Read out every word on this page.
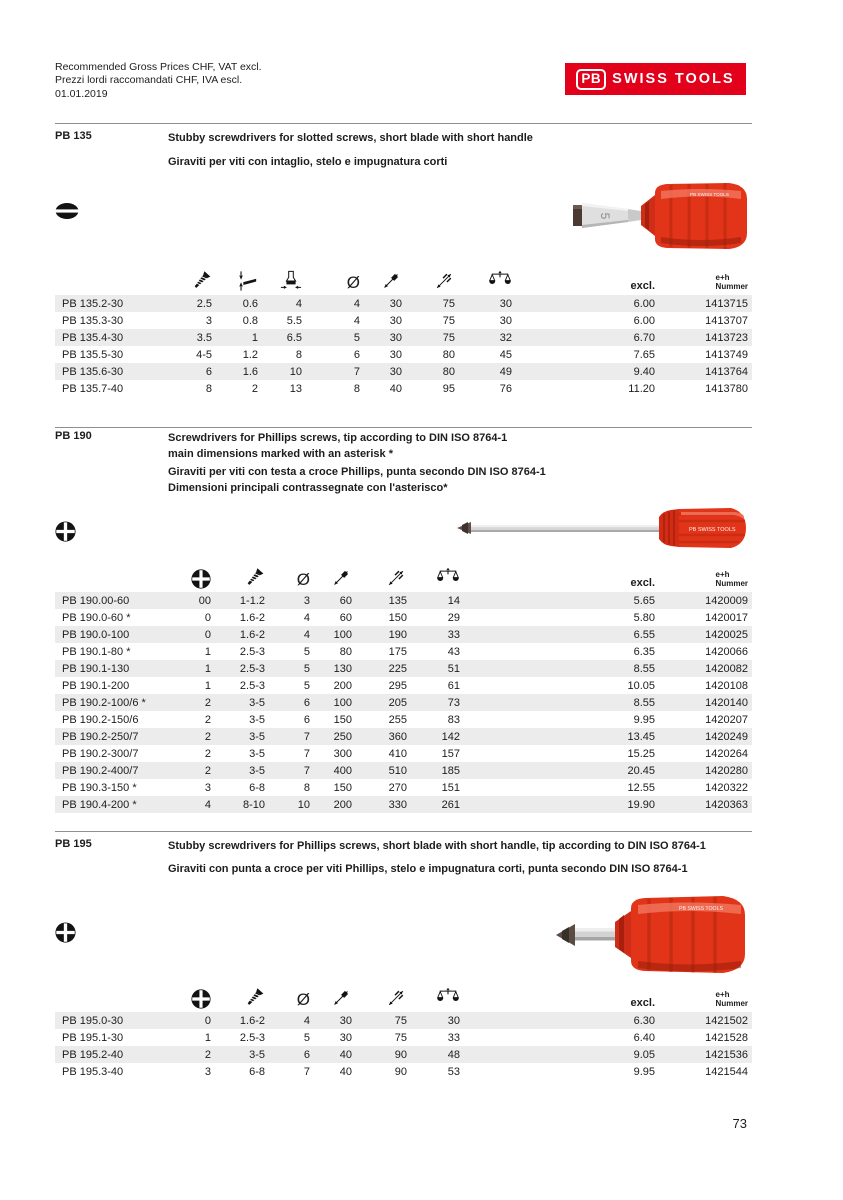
Recommended Gross Prices CHF, VAT excl.
Prezzi lordi raccomandati CHF, IVA escl.
01.01.2019
PB SWISS TOOLS
PB 135	Stubby screwdrivers for slotted screws, short blade with short handle
Giraviti per viti con intaglio, stelo e impugnatura corti
5
PB SWISS TOOLS
Ø	excl.
e+h
Nummer
PB 135.2-30	2.5	0.6	4	4	30	75	30	6.00	1413715
PB 135.3-30	3	0.8	5.5	4	30	75	30	6.00	1413707
PB 135.4-30	3.5	1	6.5	5	30	75	32	6.70	1413723
PB 135.5-30	4-5	1.2	8	6	30	80	45	7.65	1413749
PB 135.6-30	6	1.6	10	7	30	80	49	9.40	1413764
PB 135.7-40	8	2	13	8	40	95	76	11.20	1413780
PB 190	Screwdrivers for Phillips screws, tip according to DIN ISO 8764-1
main dimensions marked with an asterisk *
Giraviti per viti con testa a croce Phillips, punta secondo DIN ISO 8764-1
Dimensioni principali contrassegnate con l'asterisco*
PB SWISS TOOLS
Ø	excl.
e+h
Nummer
PB 190.00-60	00	1-1.2	3	60	135	14	5.65	1420009
PB 190.0-60 *	0	1.6-2	4	60	150	29	5.80	1420017
PB 190.0-100	0	1.6-2	4	100	190	33	6.55	1420025
PB 190.1-80 *	1	2.5-3	5	80	175	43	6.35	1420066
PB 190.1-130	1	2.5-3	5	130	225	51	8.55	1420082
PB 190.1-200	1	2.5-3	5	200	295	61	10.05	1420108
PB 190.2-100/6 *	2	3-5	6	100	205	73	8.55	1420140
PB 190.2-150/6	2	3-5	6	150	255	83	9.95	1420207
PB 190.2-250/7	2	3-5	7	250	360	142	13.45	1420249
PB 190.2-300/7	2	3-5	7	300	410	157	15.25	1420264
PB 190.2-400/7	2	3-5	7	400	510	185	20.45	1420280
PB 190.3-150 *	3	6-8	8	150	270	151	12.55	1420322
PB 190.4-200 *	4	8-10	10	200	330	261	19.90	1420363
PB 195	Stubby screwdrivers for Phillips screws, short blade with short handle, tip according to DIN ISO 8764-1
Giraviti con punta a croce per viti Phillips, stelo e impugnatura corti, punta secondo DIN ISO 8764-1
PB SWISS TOOLS
Ø	excl.
e+h
Nummer
PB 195.0-30	0	1.6-2	4	30	75	30	6.30	1421502
PB 195.1-30	1	2.5-3	5	30	75	33	6.40	1421528
PB 195.2-40	2	3-5	6	40	90	48	9.05	1421536
PB 195.3-40	3	6-8	7	40	90	53	9.95	1421544
73
